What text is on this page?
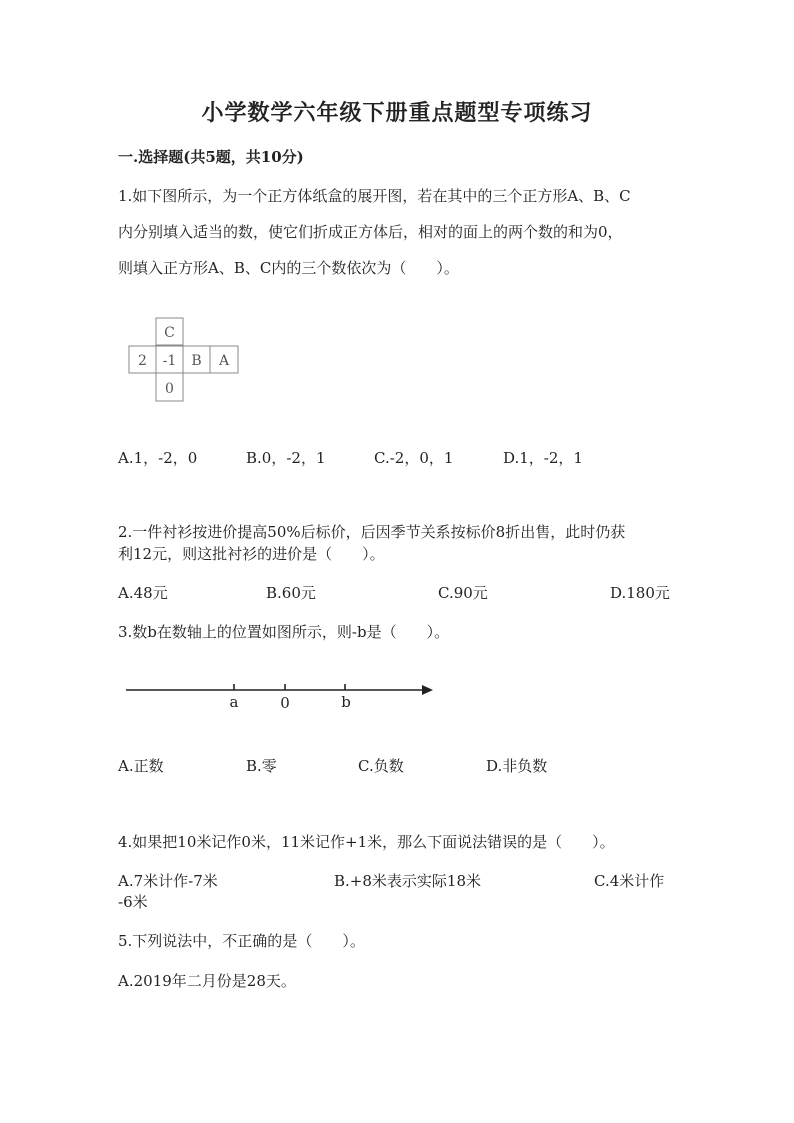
小学数学六年级下册重点题型专项练习
一.选择题(共5题，共10分)
1.如下图所示，为一个正方体纸盒的展开图，若在其中的三个正方形A、B、C
内分别填入适当的数，使它们折成正方体后，相对的面上的两个数的和为0，
则填入正方形A、B、C内的三个数依次为（　　）。
C
2 -1 B A
0
A.1，-2，0	B.0，-2，1	C.-2，0，1	D.1，-2，1
2.一件衬衫按进价提高50%后标价，后因季节关系按标价8折出售，此时仍获
利12元，则这批衬衫的进价是（　　）。
A.48元	B.60元	C.90元	D.180元
3.数b在数轴上的位置如图所示，则-b是（　　）。
a	0	b
A.正数	B.零	C.负数	D.非负数
4.如果把10米记作0米，11米记作+1米，那么下面说法错误的是（　　）。
A.7米计作-7米	B.+8米表示实际18米	C.4米计作
-6米
5.下列说法中，不正确的是（　　）。
A.2019年二月份是28天。
